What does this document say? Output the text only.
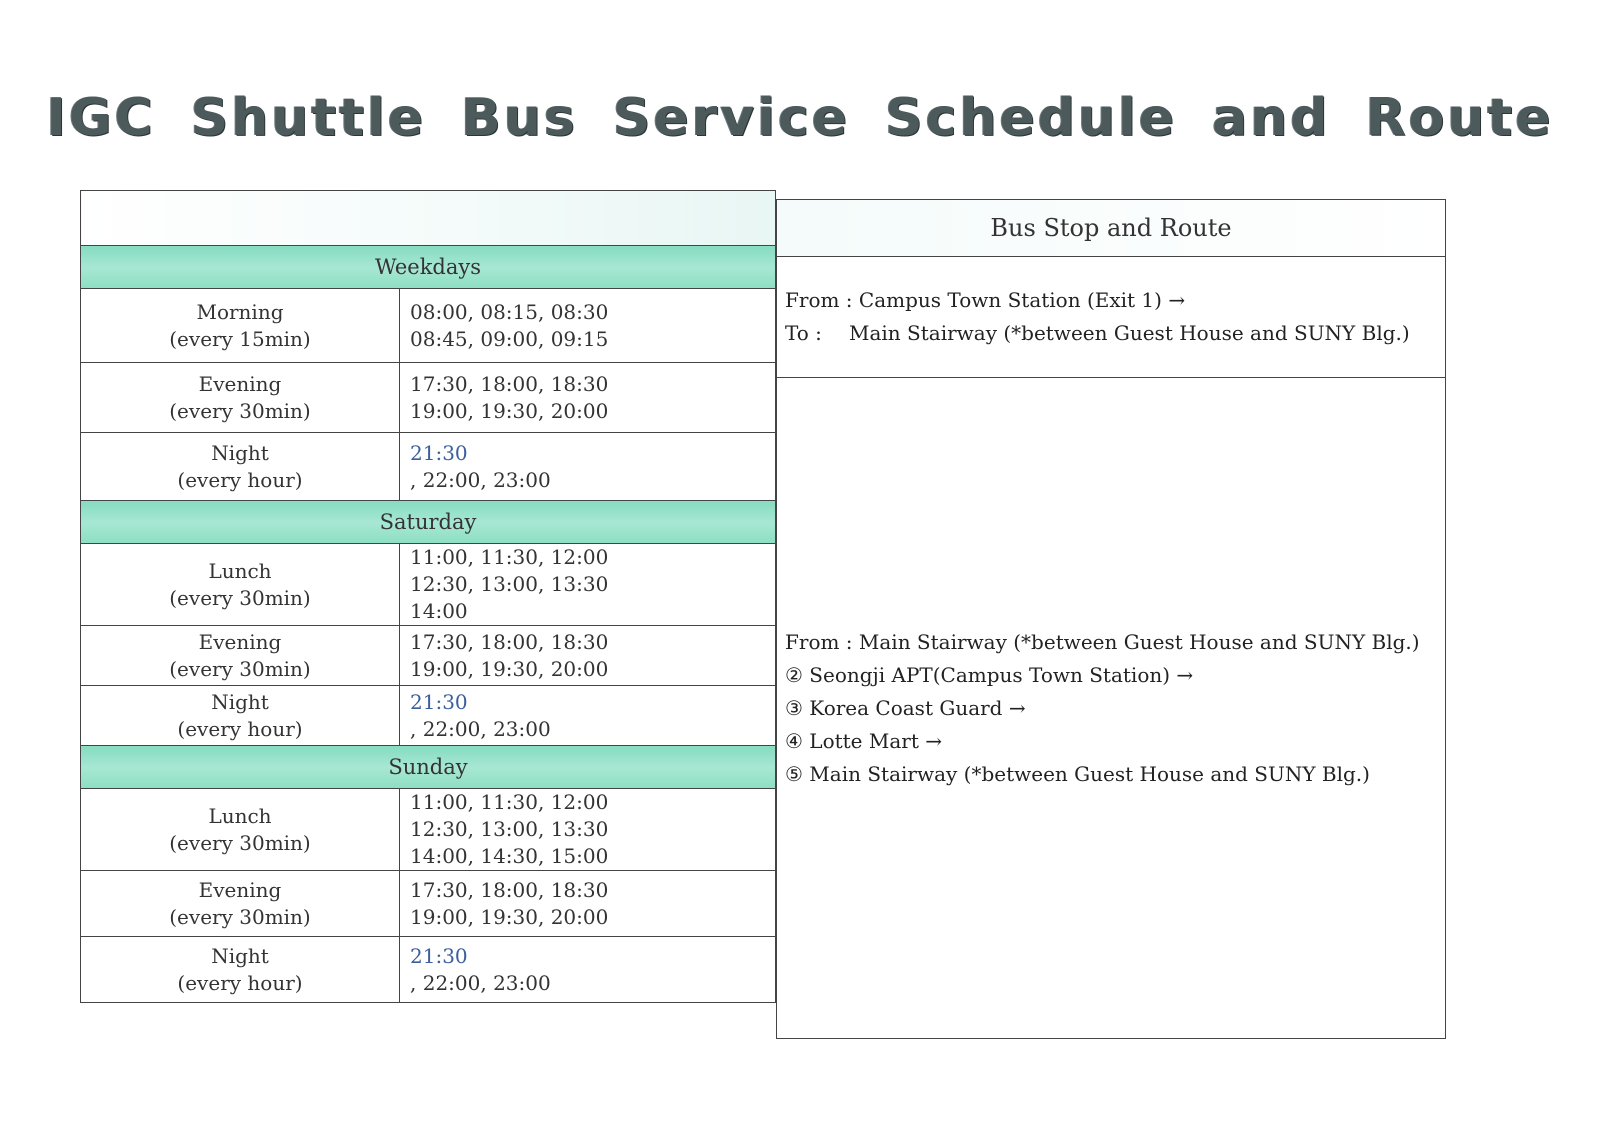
IGC Shuttle Bus Service Schedule and Route

Weekdays	

Morning
(every 15min)	08:00, 08:15, 08:30
08:45, 09:00, 09:15

Evening
(every 30min)	17:30, 18:00, 18:30
19:00, 19:30, 20:00

Night
(every hour)	21:30
, 22:00, 23:00

Saturday	

Lunch
(every 30min)	11:00, 11:30, 12:00
12:30, 13:00, 13:30
14:00

Evening
(every 30min)	17:30, 18:00, 18:30
19:00, 19:30, 20:00

Night
(every hour)	21:30
, 22:00, 23:00

Sunday	

Lunch
(every 30min)	11:00, 11:30, 12:00
12:30, 13:00, 13:30
14:00, 14:30, 15:00

Evening
(every 30min)	17:30, 18:00, 18:30
19:00, 19:30, 20:00

Night
(every hour)	21:30
, 22:00, 23:00
Bus Stop and Route

From : Campus Town Station (Exit 1) →
To : Main Stairway (*between Guest House and SUNY Blg.)

From : Main Stairway (*between Guest House and SUNY Blg.)
② Seongji APT(Campus Town Station) →
③ Korea Coast Guard →
④ Lotte Mart →
⑤ Main Stairway (*between Guest House and SUNY Blg.)
